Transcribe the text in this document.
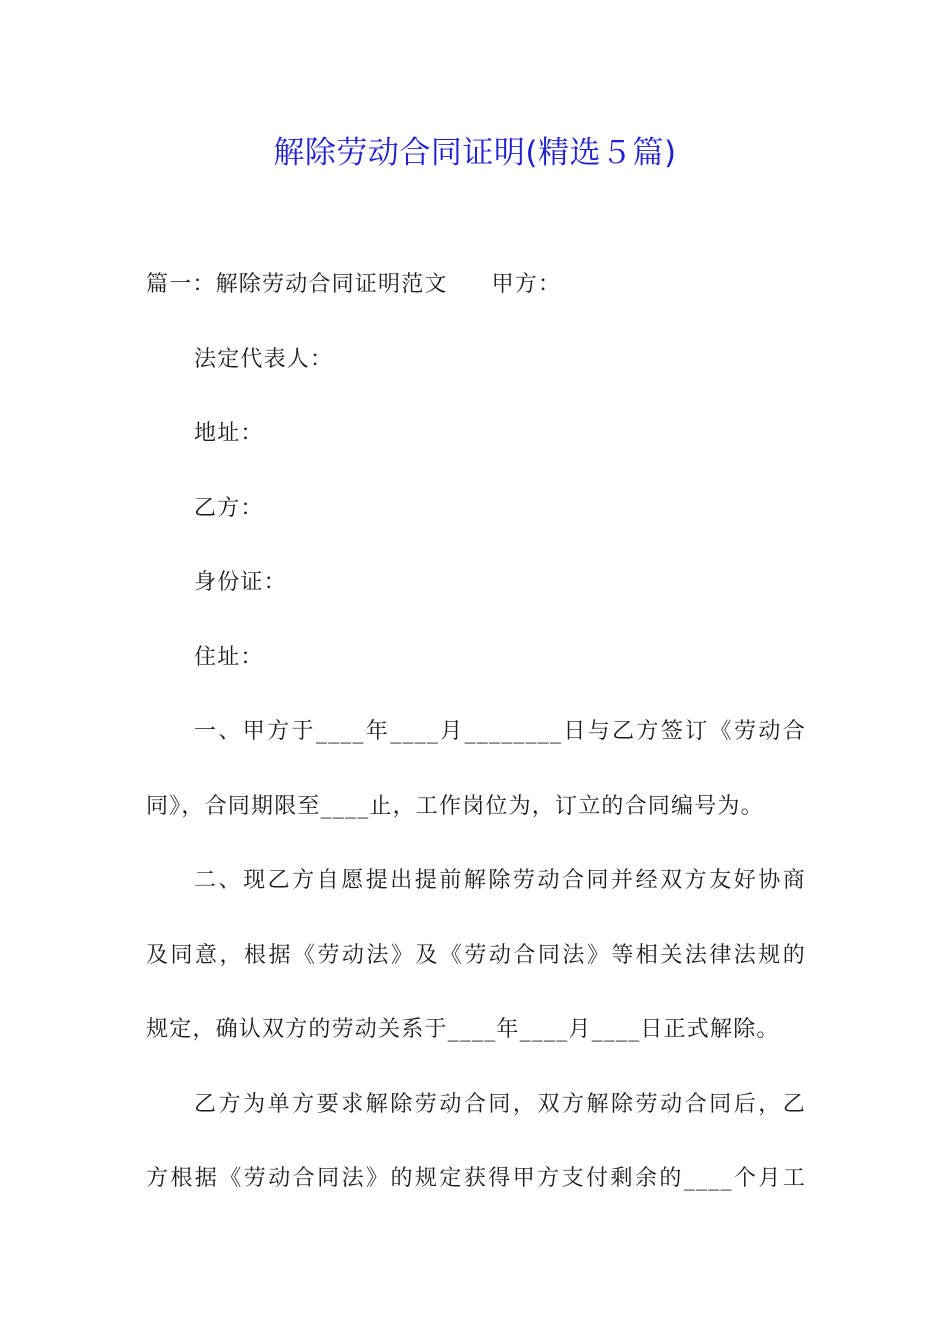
解除劳动合同证明(精选５篇)
篇一：解除劳动合同证明范文 甲方：
法定代表人：
地址：
乙方：
身份证：
住址：
一、甲方于____年____月________日与乙方签订《劳动合
同》，合同期限至____止，工作岗位为，订立的合同编号为。
二、现乙方自愿提出提前解除劳动合同并经双方友好协商
及同意，根据《劳动法》及《劳动合同法》等相关法律法规的
规定，确认双方的劳动关系于____年____月____日正式解除。
乙方为单方要求解除劳动合同，双方解除劳动合同后，乙
方根据《劳动合同法》的规定获得甲方支付剩余的____个月工
